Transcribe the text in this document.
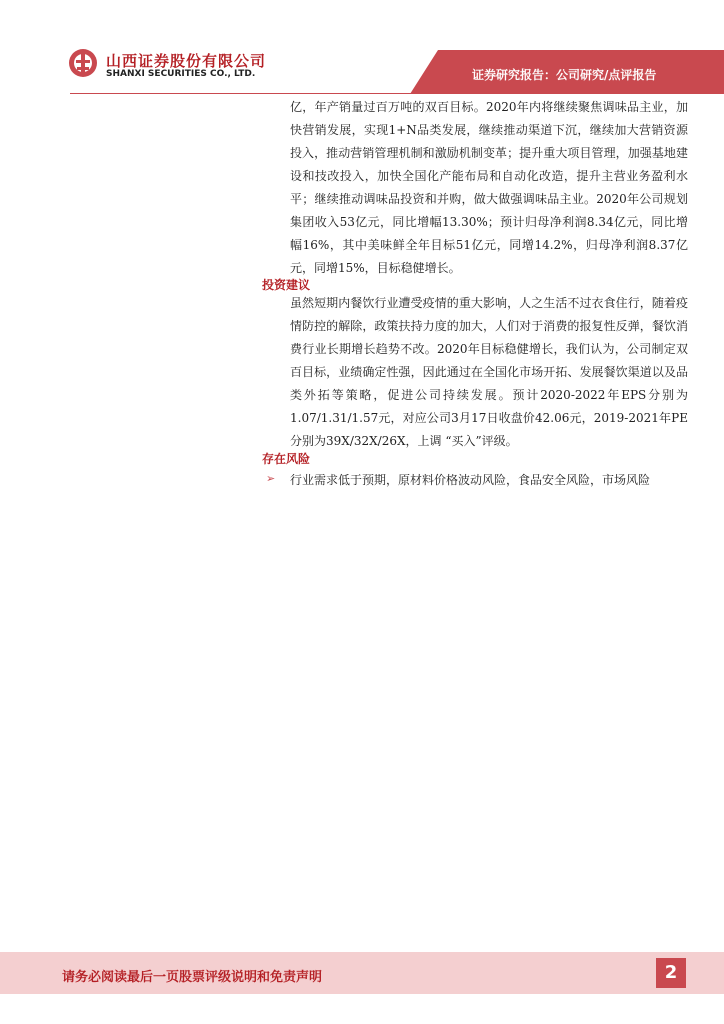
山西证券股份有限公司
SHANXI SECURITIES CO., LTD.	证券研究报告：公司研究/点评报告
亿，年产销量过百万吨的双百目标。2020年内将继续聚焦调味品主业，加快营销发展，实现1+N品类发展，继续推动渠道下沉，继续加大营销资源投入，推动营销管理机制和激励机制变革；提升重大项目管理，加强基地建设和技改投入，加快全国化产能布局和自动化改造，提升主营业务盈利水平；继续推动调味品投资和并购，做大做强调味品主业。2020年公司规划集团收入53亿元，同比增幅13.30%；预计归母净利润8.34亿元，同比增幅16%，其中美味鲜全年目标51亿元，同增14.2%，归母净利润8.37亿元，同增15%，目标稳健增长。
投资建议
虽然短期内餐饮行业遭受疫情的重大影响，人之生活不过衣食住行，随着疫情防控的解除，政策扶持力度的加大，人们对于消费的报复性反弹，餐饮消费行业长期增长趋势不改。2020年目标稳健增长，我们认为，公司制定双百目标，业绩确定性强，因此通过在全国化市场开拓、发展餐饮渠道以及品类外拓等策略，促进公司持续发展。预计2020-2022年EPS分别为1.07/1.31/1.57元，对应公司3月17日收盘价42.06元，2019-2021年PE分别为39X/32X/26X，上调 “买入”评级。
存在风险
➢ 行业需求低于预期，原材料价格波动风险，食品安全风险，市场风险
请务必阅读最后一页股票评级说明和免责声明	2
